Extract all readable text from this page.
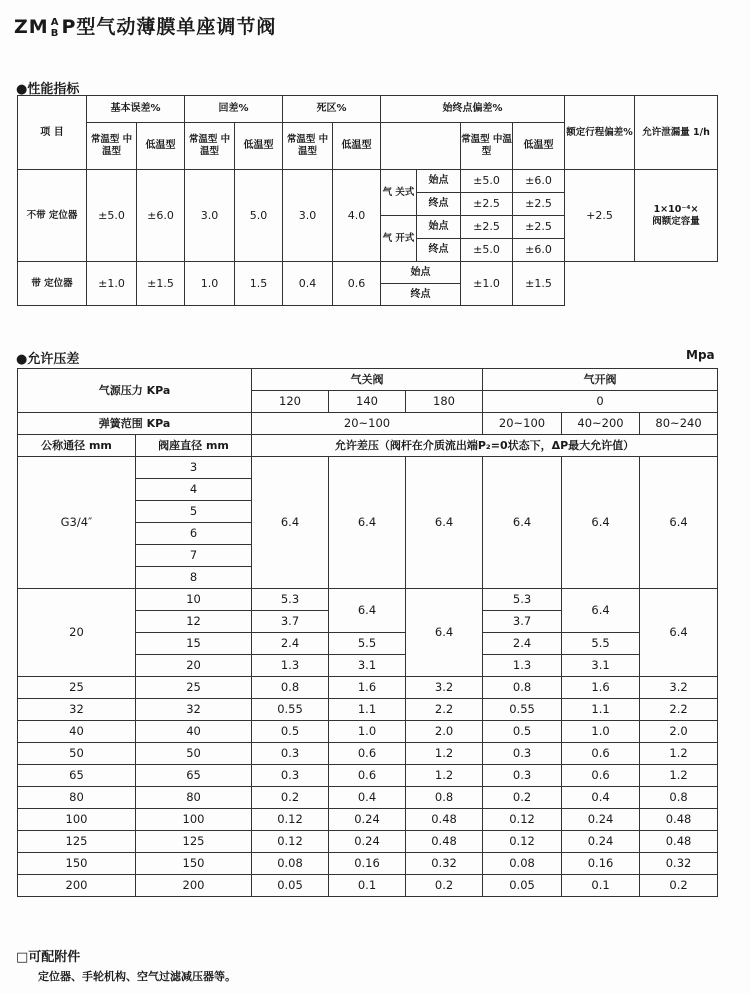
ZM A
B P型气动薄膜单座调节阀
●性能指标
项 目	基本误差%		回差%		死区%		始终点偏差%				额定行程偏差%	允许泄漏量 1/h
	常温型 中温型	低温型	常温型 中温型	低温型	常温型 中温型	低温型			常温型 中温型	低温型		
不带 定位器	±5.0	±6.0	3.0	5.0	3.0	4.0	气 关式	始点	±5.0	±6.0	+2.5	1×10⁻⁴×
阀额定容量
								终点	±2.5	±2.5		
							气 开式	始点	±2.5	±2.5		
								终点	±5.0	±6.0		
带 定位器	±1.0	±1.5	1.0	1.5	0.4	0.6	始点		±1.0	±1.5		
							终点					
●允许压差	Mpa
气源压力 KPa		气关阀			气开阀		
		120	140	180	0		
弹簧范围 KPa		20~100			20~100	40~200	80~240
公称通径 mm	阀座直径 mm	允许差压（阀杆在介质流出端P₂=0状态下，ΔP最大允许值）					
G3/4″	3	6.4	6.4	6.4	6.4	6.4	6.4
	4						
	5						
	6						
	7						
	8						
20	10	5.3	6.4	6.4	5.3	6.4	6.4
	12	3.7			3.7		
	15	2.4	5.5		2.4	5.5	
	20	1.3	3.1		1.3	3.1	
25	25	0.8	1.6	3.2	0.8	1.6	3.2
32	32	0.55	1.1	2.2	0.55	1.1	2.2
40	40	0.5	1.0	2.0	0.5	1.0	2.0
50	50	0.3	0.6	1.2	0.3	0.6	1.2
65	65	0.3	0.6	1.2	0.3	0.6	1.2
80	80	0.2	0.4	0.8	0.2	0.4	0.8
100	100	0.12	0.24	0.48	0.12	0.24	0.48
125	125	0.12	0.24	0.48	0.12	0.24	0.48
150	150	0.08	0.16	0.32	0.08	0.16	0.32
200	200	0.05	0.1	0.2	0.05	0.1	0.2
□可配附件
定位器、手轮机构、空气过滤减压器等。
